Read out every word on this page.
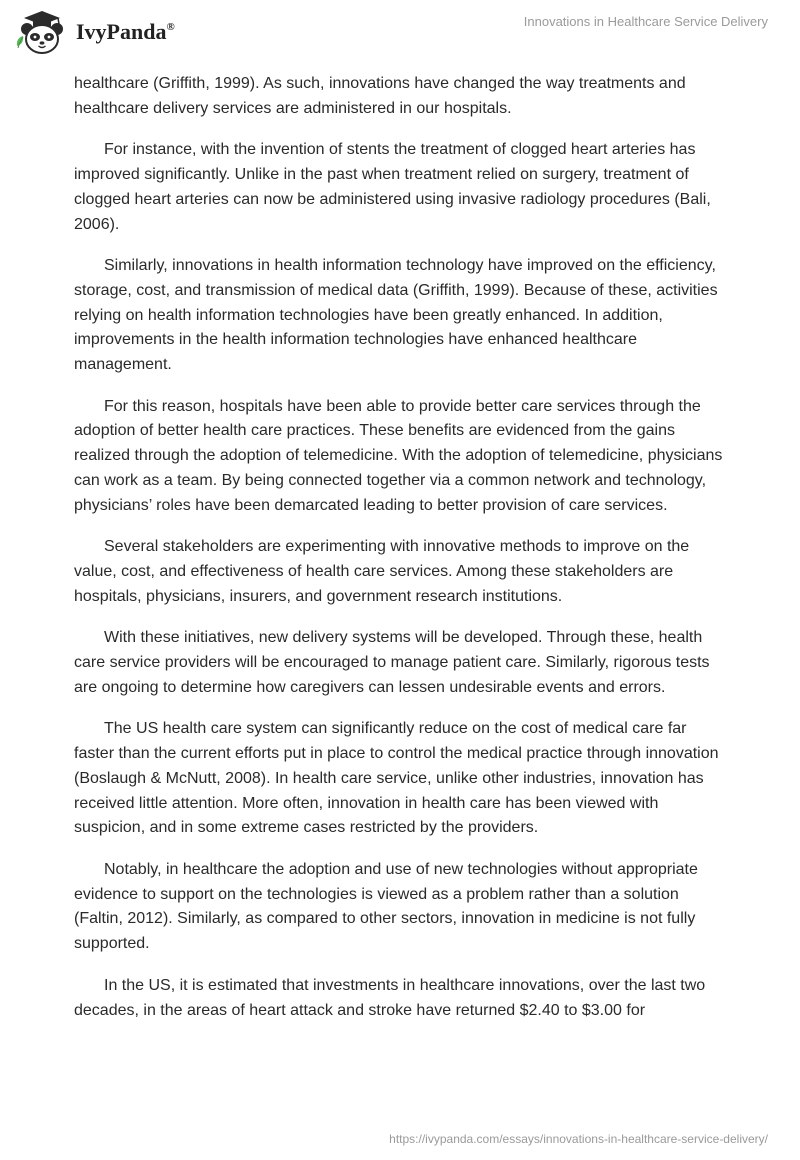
IvyPanda®	Innovations in Healthcare Service Delivery

healthcare (Griffith, 1999). As such, innovations have changed the way treatments and healthcare delivery services are administered in our hospitals.

For instance, with the invention of stents the treatment of clogged heart arteries has improved significantly. Unlike in the past when treatment relied on surgery, treatment of clogged heart arteries can now be administered using invasive radiology procedures (Bali, 2006).

Similarly, innovations in health information technology have improved on the efficiency, storage, cost, and transmission of medical data (Griffith, 1999). Because of these, activities relying on health information technologies have been greatly enhanced. In addition, improvements in the health information technologies have enhanced healthcare management.

For this reason, hospitals have been able to provide better care services through the adoption of better health care practices. These benefits are evidenced from the gains realized through the adoption of telemedicine. With the adoption of telemedicine, physicians can work as a team. By being connected together via a common network and technology, physicians’ roles have been demarcated leading to better provision of care services.

Several stakeholders are experimenting with innovative methods to improve on the value, cost, and effectiveness of health care services. Among these stakeholders are hospitals, physicians, insurers, and government research institutions.

With these initiatives, new delivery systems will be developed. Through these, health care service providers will be encouraged to manage patient care. Similarly, rigorous tests are ongoing to determine how caregivers can lessen undesirable events and errors.

The US health care system can significantly reduce on the cost of medical care far faster than the current efforts put in place to control the medical practice through innovation (Boslaugh & McNutt, 2008). In health care service, unlike other industries, innovation has received little attention. More often, innovation in health care has been viewed with suspicion, and in some extreme cases restricted by the providers.

Notably, in healthcare the adoption and use of new technologies without appropriate evidence to support on the technologies is viewed as a problem rather than a solution (Faltin, 2012). Similarly, as compared to other sectors, innovation in medicine is not fully supported.

In the US, it is estimated that investments in healthcare innovations, over the last two decades, in the areas of heart attack and stroke have returned $2.40 to $3.00 for

https://ivypanda.com/essays/innovations-in-healthcare-service-delivery/
